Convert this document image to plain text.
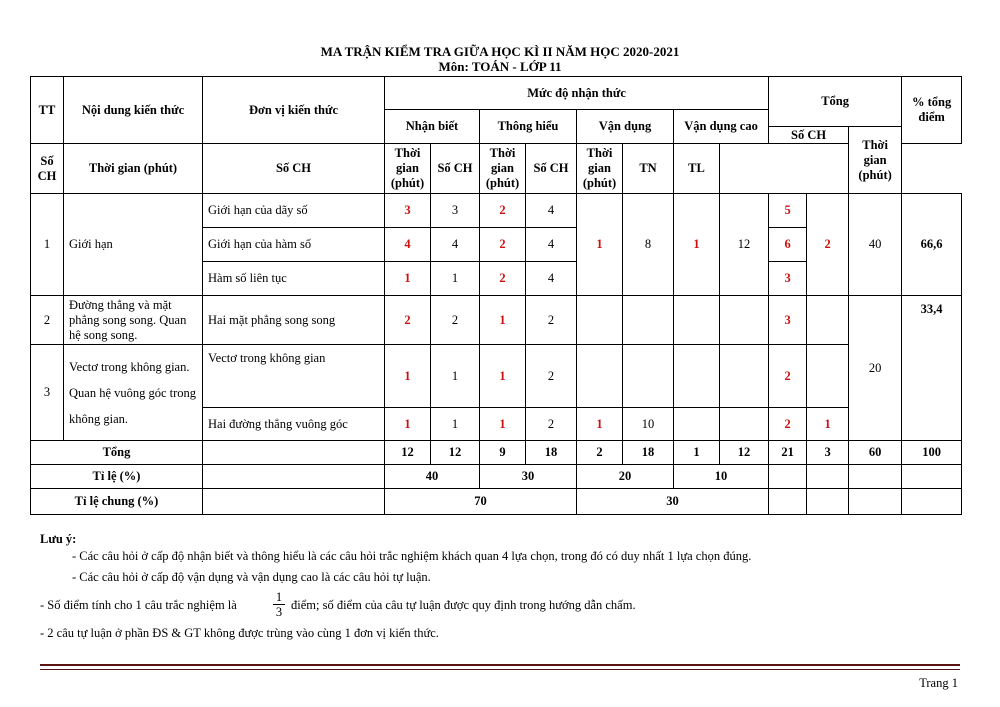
MA TRẬN KIỂM TRA GIỮA HỌC KÌ II NĂM HỌC 2020-2021
Môn: TOÁN - LỚP 11
TT	Nội dung kiến thức	Đơn vị kiến thức	Mức độ nhận thức								Tổng			% tổng điểm
			Nhận biết		Thông hiểu		Vận dụng		Vận dụng cao					
											Số CH		Thời gian (phút)	
Số CH	Thời gian (phút)	Số CH	Thời gian (phút)	Số CH	Thời gian (phút)	Số CH	Thời gian (phút)	TN	TL					
1	Giới hạn	Giới hạn của dãy số	3	3	2	4	1	8	1	12	5	2	40	66,6
		Giới hạn của hàm số	4	4	2	4					6			
		Hàm số liên tục	1	1	2	4					3			
2	Đường thẳng và mặt phẳng song song. Quan hệ song song.	Hai mặt phẳng song song	2	2	1	2					3		20	33,4
3	Vectơ trong không gian. Quan hệ vuông góc trong không gian.	Vectơ trong không gian	1	1	1	2					2			
		Hai đường thẳng vuông góc	1	1	1	2	1	10			2	1		
Tổng			12	12	9	18	2	18	1	12	21	3	60	100
Tỉ lệ (%)			40		30		20		10					
Tỉ lệ chung (%)			70				30							
Lưu ý:
- Các câu hỏi ở cấp độ nhận biết và thông hiểu là các câu hỏi trắc nghiệm khách quan 4 lựa chọn, trong đó có duy nhất 1 lựa chọn đúng.
- Các câu hỏi ở cấp độ vận dụng và vận dụng cao là các câu hỏi tự luận.
- Số điểm tính cho 1 câu trắc nghiệm là	$\frac{1}{3}$ điểm; số điểm của câu tự luận được quy định trong hướng dẫn chấm.
- 2 câu tự luận ở phần ĐS & GT không được trùng vào cùng 1 đơn vị kiến thức.
Trang 1
